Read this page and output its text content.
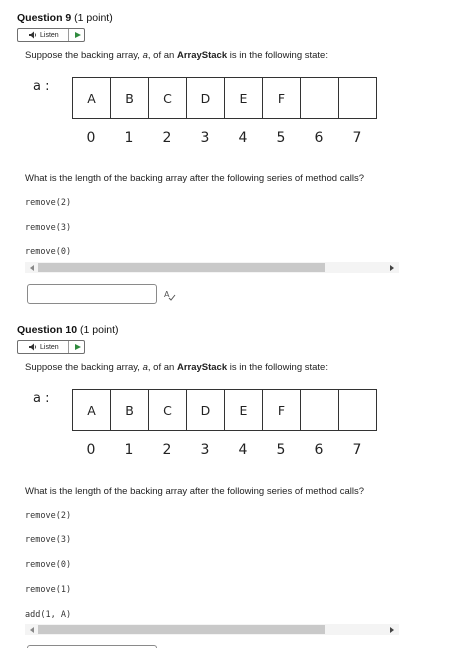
Question 9 (1 point)
Listen
Suppose the backing array, a, of an ArrayStack is in the following state:
a :
A	B	C	D	E	F
0	1	2	3	4	5	6	7
What is the length of the backing array after the following series of method calls?
remove(2)
remove(3)
remove(0)
A
Question 10 (1 point)
Listen
Suppose the backing array, a, of an ArrayStack is in the following state:
a :
A	B	C	D	E	F
0	1	2	3	4	5	6	7
What is the length of the backing array after the following series of method calls?
remove(2)
remove(3)
remove(0)
remove(1)
add(1, A)
